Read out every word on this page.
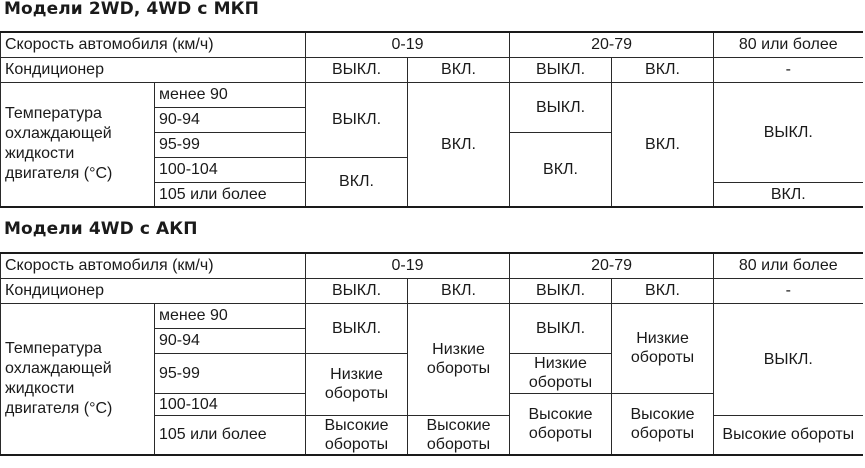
Модели 2WD, 4WD с МКП
Скорость автомобиля (км/ч)		0-19		20-79		80 или более
Кондиционер		ВЫКЛ.	ВКЛ.	ВЫКЛ.	ВКЛ.	-
Температура охлаждающей жидкости двигателя (°С)	менее 90	ВЫКЛ.	ВКЛ.	ВЫКЛ.	ВКЛ.	ВЫКЛ.
	90-94					
	95-99			ВКЛ.		
	100-104	ВКЛ.				
	105 или более					ВКЛ.
Модели 4WD с АКП
Скорость автомобиля (км/ч)		0-19		20-79		80 или более
Кондиционер		ВЫКЛ.	ВКЛ.	ВЫКЛ.	ВКЛ.	-
Температура охлаждающей жидкости двигателя (°С)	менее 90	ВЫКЛ.	Низкие обороты	ВЫКЛ.	Низкие обороты	ВЫКЛ.
	90-94					
	95-99	Низкие обороты		Низкие обороты		
	100-104			Высокие обороты	Высокие обороты	
	105 или более	Высокие обороты	Высокие обороты			Высокие обороты
